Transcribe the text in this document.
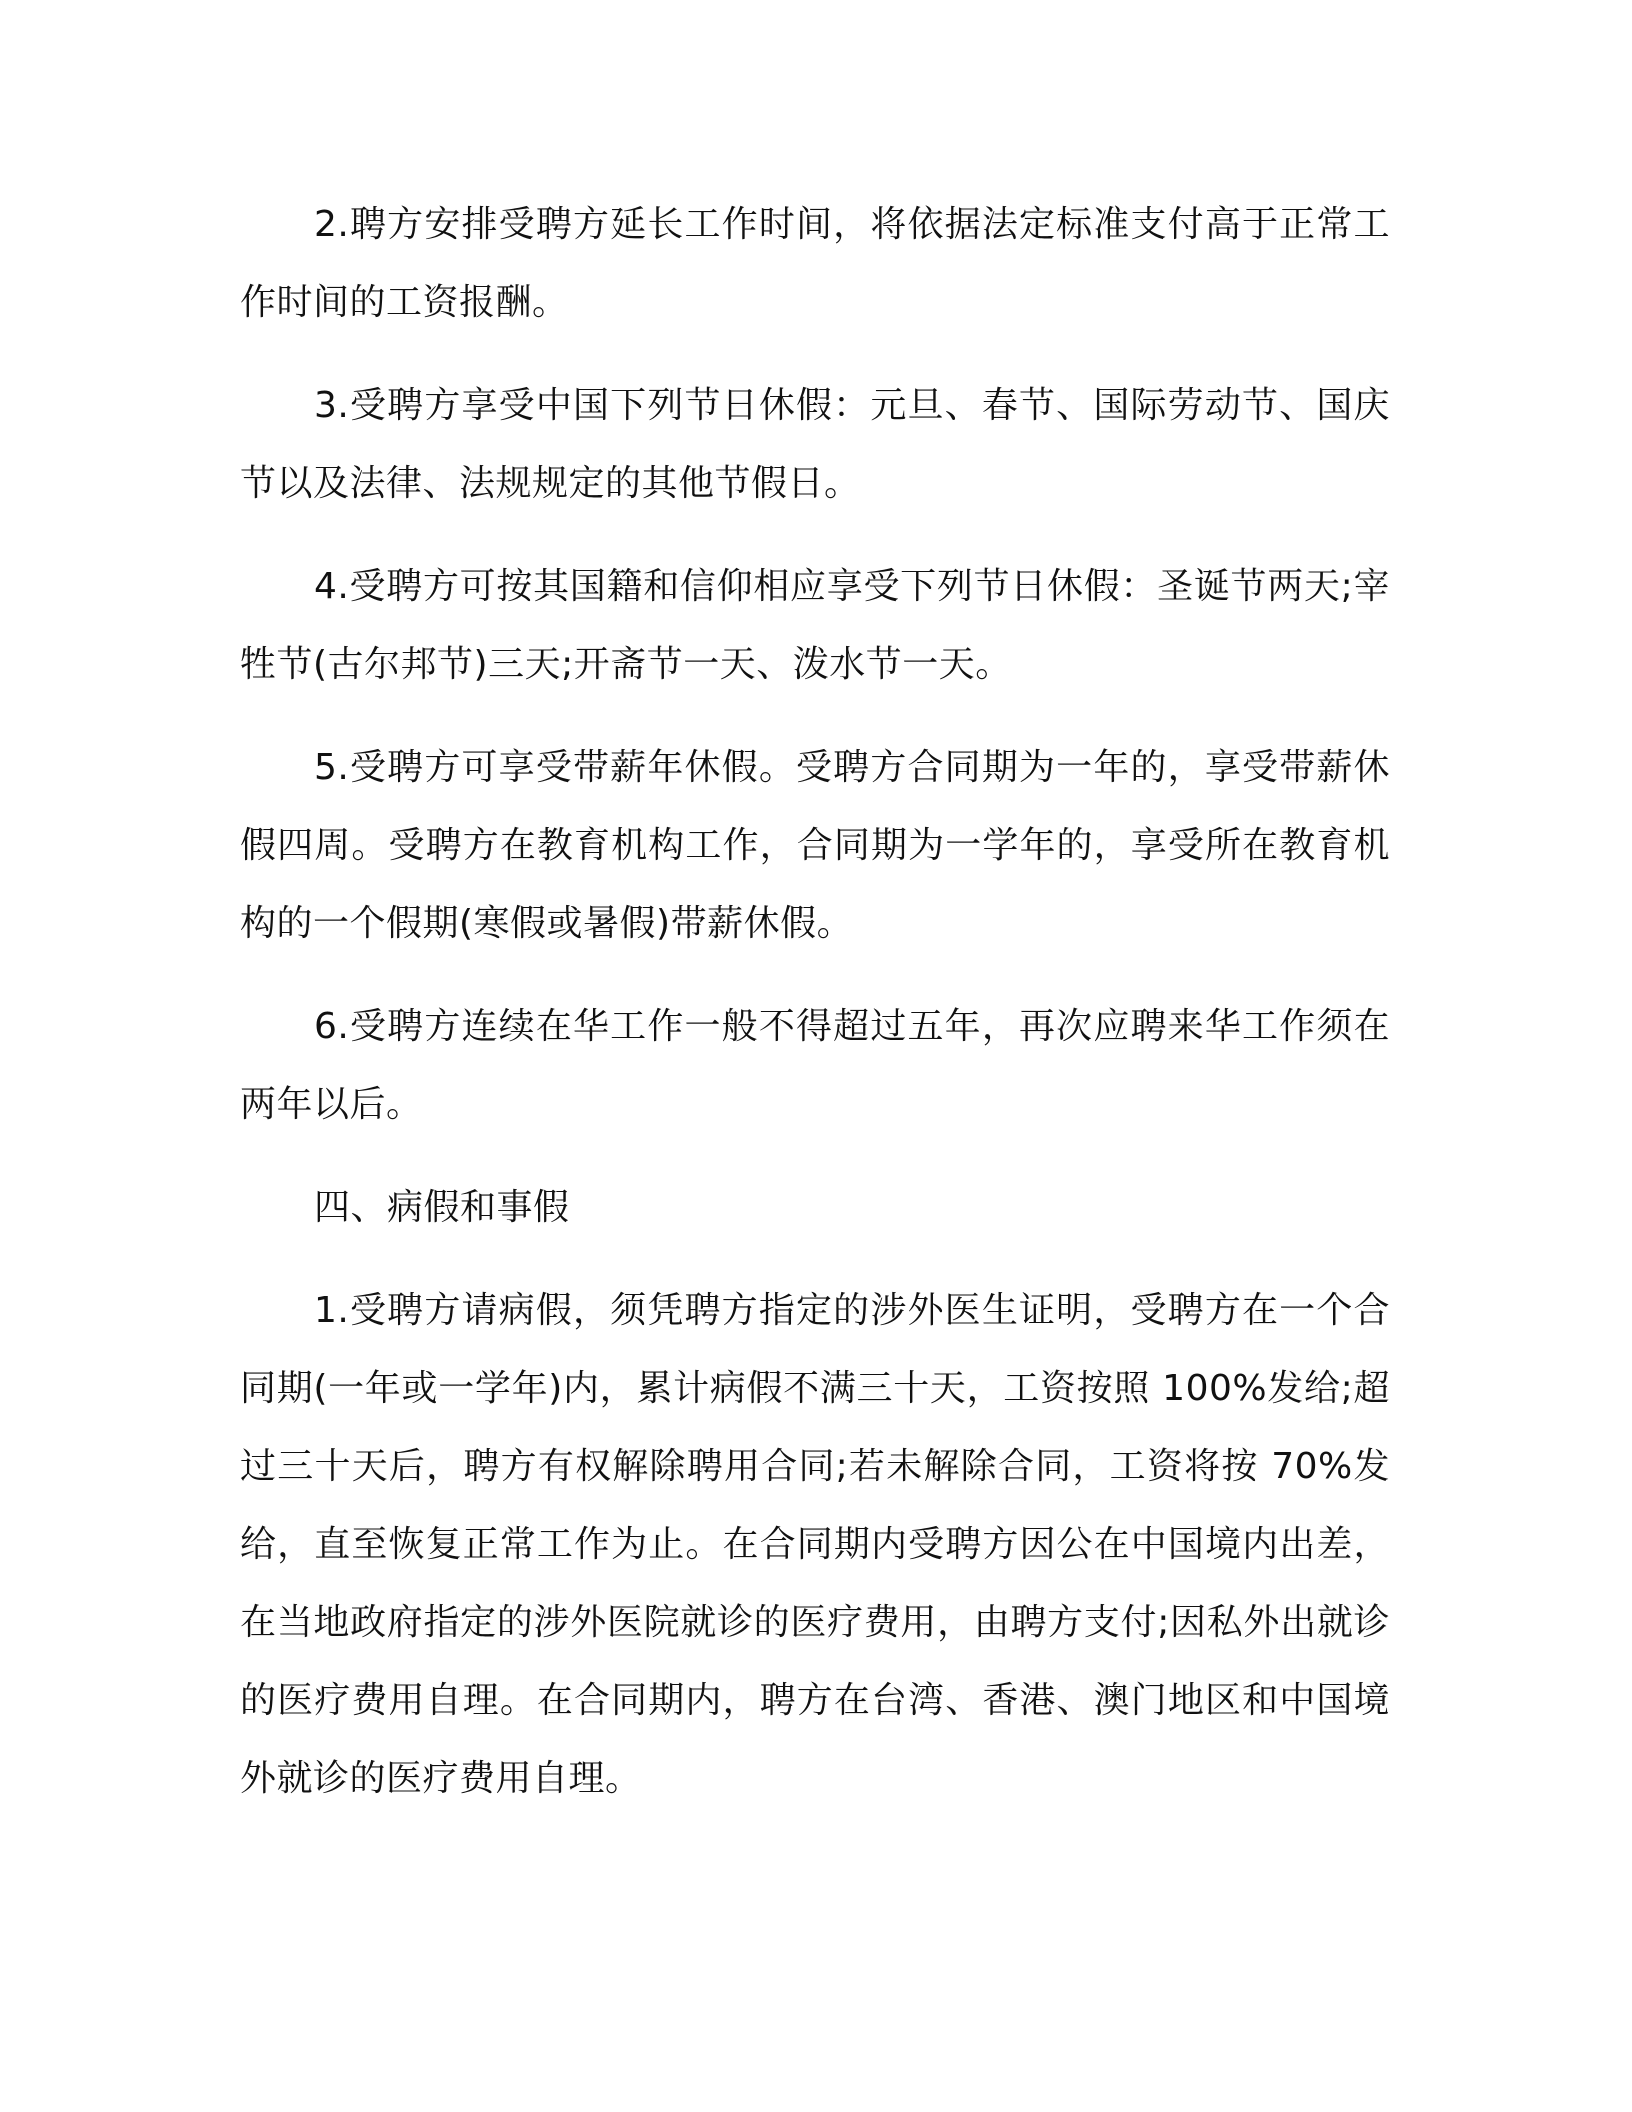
2.聘方安排受聘方延长工作时间，将依据法定标准支付高于正常工作时间的工资报酬。

3.受聘方享受中国下列节日休假：元旦、春节、国际劳动节、国庆节以及法律、法规规定的其他节假日。

4.受聘方可按其国籍和信仰相应享受下列节日休假：圣诞节两天;宰牲节(古尔邦节)三天;开斋节一天、泼水节一天。

5.受聘方可享受带薪年休假。受聘方合同期为一年的，享受带薪休假四周。受聘方在教育机构工作，合同期为一学年的，享受所在教育机构的一个假期(寒假或暑假)带薪休假。

6.受聘方连续在华工作一般不得超过五年，再次应聘来华工作须在两年以后。

四、病假和事假

1.受聘方请病假，须凭聘方指定的涉外医生证明，受聘方在一个合同期(一年或一学年)内，累计病假不满三十天，工资按照 100%发给;超过三十天后，聘方有权解除聘用合同;若未解除合同，工资将按 70%发给，直至恢复正常工作为止。在合同期内受聘方因公在中国境内出差，在当地政府指定的涉外医院就诊的医疗费用，由聘方支付;因私外出就诊的医疗费用自理。在合同期内，聘方在台湾、香港、澳门地区和中国境外就诊的医疗费用自理。
